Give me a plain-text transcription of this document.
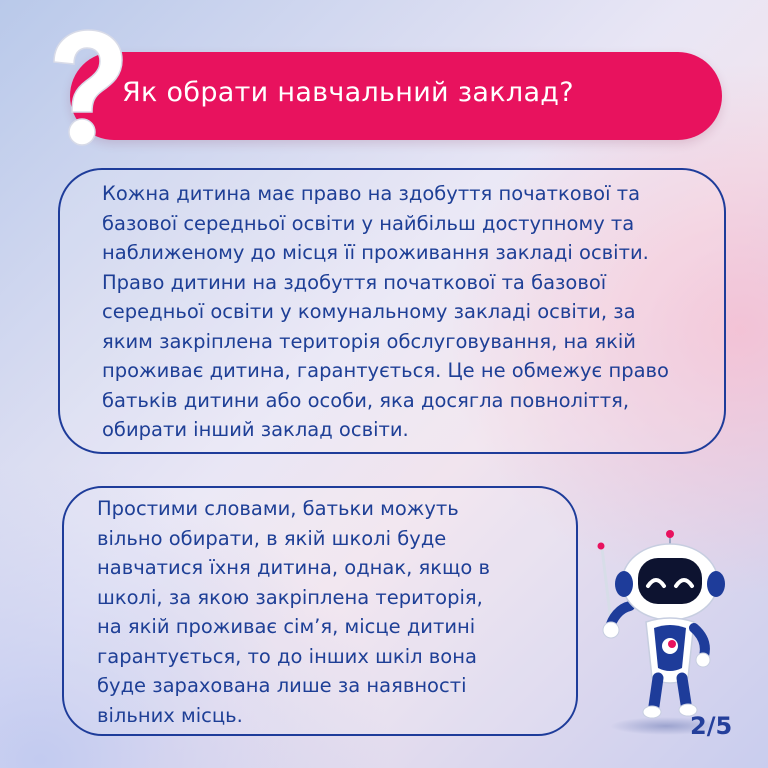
Як обрати навчальний заклад?

Кожна дитина має право на здобуття початкової та
базової середньої освіти у найбільш доступному та
наближеному до місця її проживання закладі освіти.
Право дитини на здобуття початкової та базової
середньої освіти у комунальному закладі освіти, за
яким закріплена територія обслуговування, на якій
проживає дитина, гарантується. Це не обмежує право
батьків дитини або особи, яка досягла повноліття,
обирати інший заклад освіти.

Простими словами, батьки можуть
вільно обирати, в якій школі буде
навчатися їхня дитина, однак, якщо в
школі, за якою закріплена територія,
на якій проживає сім’я, місце дитині
гарантується, то до інших шкіл вона
буде зарахована лише за наявності
вільних місць.	2/5
